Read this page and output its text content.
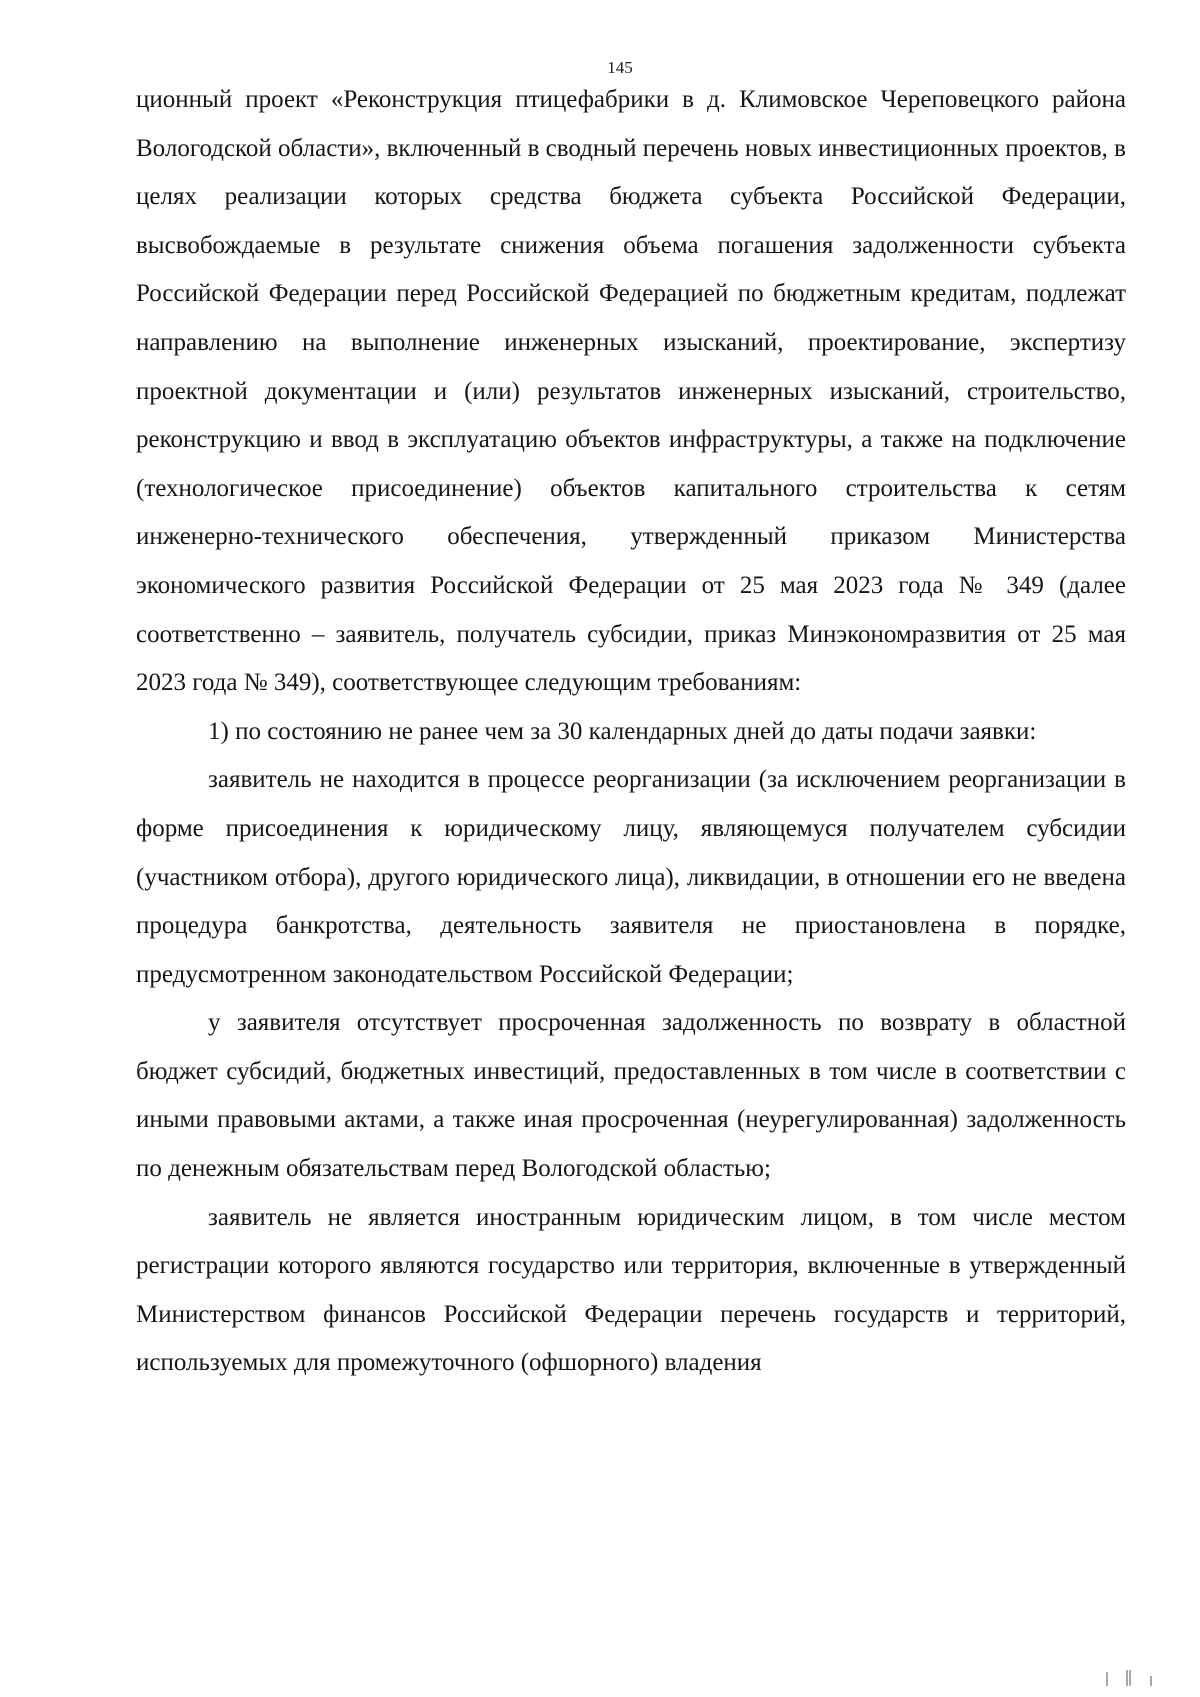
145

ционный проект «Реконструкция птицефабрики в д. Климовское Череповецкого района Вологодской области», включенный в сводный перечень новых инвестиционных проектов, в целях реализации которых средства бюджета субъекта Российской Федерации, высвобождаемые в результате снижения объема погашения задолженности субъекта Российской Федерации перед Российской Федерацией по бюджетным кредитам, подлежат направлению на выполнение инженерных изысканий, проектирование, экспертизу проектной документации и (или) результатов инженерных изысканий, строительство, реконструкцию и ввод в эксплуатацию объектов инфраструктуры, а также на подключение (технологическое присоединение) объектов капитального строительства к сетям инженерно-технического обеспечения, утвержденный приказом Министерства экономического развития Российской Федерации от 25 мая 2023 года № 349 (далее соответственно – заявитель, получатель субсидии, приказ Минэкономразвития от 25 мая 2023 года № 349), соответствующее следующим требованиям:

1) по состоянию не ранее чем за 30 календарных дней до даты подачи заявки:

заявитель не находится в процессе реорганизации (за исключением реорганизации в форме присоединения к юридическому лицу, являющемуся получателем субсидии (участником отбора), другого юридического лица), ликвидации, в отношении его не введена процедура банкротства, деятельность заявителя не приостановлена в порядке, предусмотренном законодательством Российской Федерации;

у заявителя отсутствует просроченная задолженность по возврату в областной бюджет субсидий, бюджетных инвестиций, предоставленных в том числе в соответствии с иными правовыми актами, а также иная просроченная (неурегулированная) задолженность по денежным обязательствам перед Вологодской областью;

заявитель не является иностранным юридическим лицом, в том числе местом регистрации которого являются государство или территория, включенные в утвержденный Министерством финансов Российской Федерации перечень государств и территорий, используемых для промежуточного (офшорного) владения
